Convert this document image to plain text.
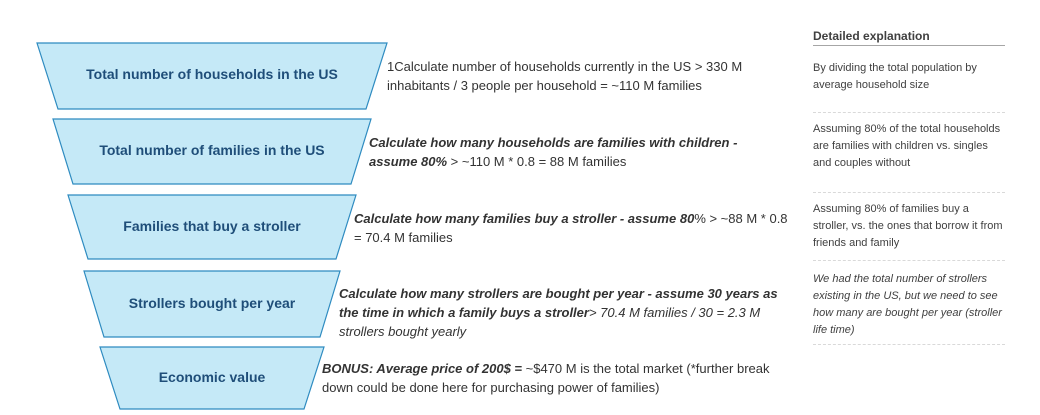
Total number of households in the US
Total number of families in the US
Families that buy a stroller
Strollers bought per year
Economic value
1Calculate number of households currently in the US > 330 M inhabitants / 3 people per household = ~110 M families
Calculate how many households are families with children - assume 80% > ~110 M * 0.8 = 88 M families
Calculate how many families buy a stroller - assume 80% > ~88 M * 0.8 = 70.4 M families
Calculate how many strollers are bought per year - assume 30 years as the time in which a family buys a stroller> 70.4 M families / 30 = 2.3 M strollers bought yearly
BONUS: Average price of 200$ = ~$470 M is the total market (*further break down could be done here for purchasing power of families)
Detailed explanation
By dividing the total population by average household size
Assuming 80% of the total households are families with children vs. singles and couples without
Assuming 80% of families buy a stroller, vs. the ones that borrow it from friends and family
We had the total number of strollers existing in the US, but we need to see how many are bought per year (stroller life time)
